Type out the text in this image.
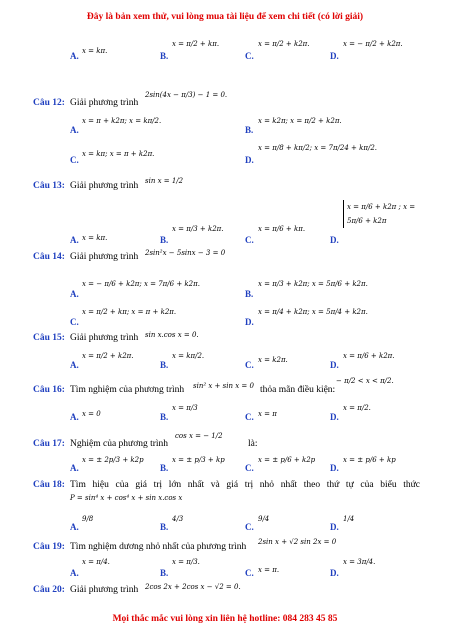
Đây là bản xem thử, vui lòng mua tài liệu để xem chi tiết (có lời giải)
A. x = kπ.	B.
x = π/2 + kπ.
C.
x = π/2 + k2π.
D.
x = − π/2 + k2π.
Câu 12: Giải phương trình
2sin(4x − π/3) − 1 = 0.
A.
x = π + k2π; x = kπ/2.
B.
x = k2π; x = π/2 + k2π.
C.
x = kπ; x = π + k2π.
D.
x = π/8 + kπ/2; x = 7π/24 + kπ/2.
Câu 13: Giải phương trình sin x = 1/2
A. x = kπ.	B.
x = π/3 + k2π.
C.
x = π/6 + kπ.
D.
x = π/6 + k2π ; x = 5π/6 + k2π
Câu 14: Giải phương trình 2sin²x − 5sinx − 3 = 0
A.
x = − π/6 + k2π; x = 7π/6 + k2π.
B.
x = π/3 + k2π; x = 5π/6 + k2π.
C.
x = π/2 + kπ; x = π + k2π.
D.
x = π/4 + k2π; x = 5π/4 + k2π.
Câu 15: Giải phương trình sin x.cos x = 0.
A.
x = π/2 + k2π.
B.
x = kπ/2.
C. x = k2π.	D.
x = π/6 + k2π.
Câu 16: Tìm nghiệm của phương trình sin² x + sin x = 0 thỏa mãn điều kiện:
− π/2 < x < π/2.
A. x = 0	B.
x = π/3
C. x = π	D.
x = π/2.
Câu 17: Nghiệm của phương trình
cos x = − 1/2
là:
A.
x = ± 2p/3 + k2p
B.
x = ± p/3 + kp
C.
x = ± p/6 + k2p
D.
x = ± p/6 + kp
Câu 18: Tìm hiệu của giá trị lớn nhất và giá trị nhỏ nhất theo thứ tự của biểu thức
P = sin⁴ x + cos⁴ x + sin x.cos x
A.
9/8
B.
4/3
C.
9/4
D.
1/4
Câu 19: Tìm nghiệm dương nhỏ nhất của phương trình 2sin x + √2 sin 2x = 0
A.
x = π/4.
B.
x = π/3.
C. x = π.	D.
x = 3π/4.
Câu 20: Giải phương trình 2cos 2x + 2cos x − √2 = 0.
Mọi thắc mắc vui lòng xin liên hệ hotline: 084 283 45 85
